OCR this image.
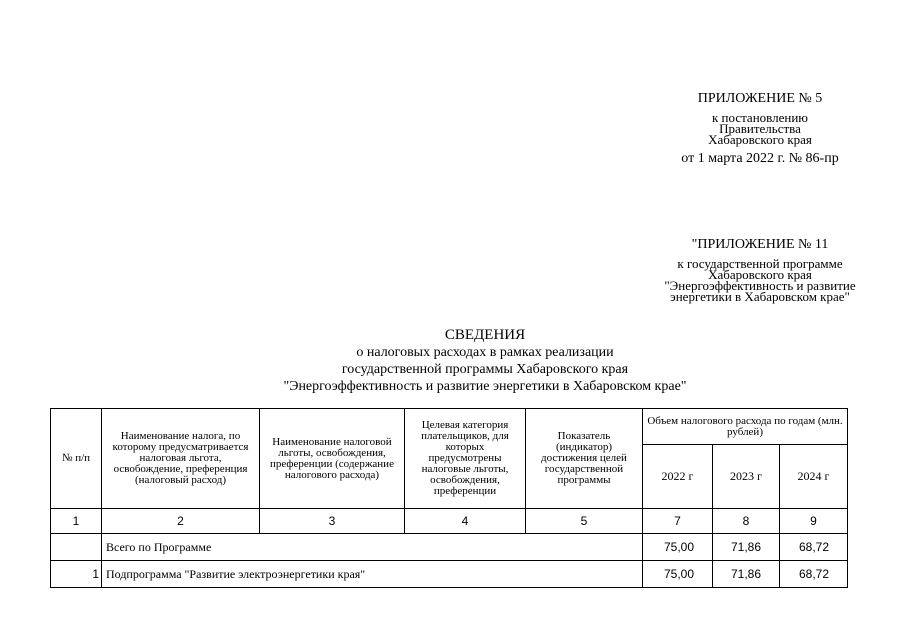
ПРИЛОЖЕНИЕ № 5
к постановлению
Правительства
Хабаровского края
от 1 марта 2022 г. № 86-пр
"ПРИЛОЖЕНИЕ № 11
к государственной программе
Хабаровского края
"Энергоэффективность и развитие
энергетики в Хабаровском крае"
СВЕДЕНИЯ
о налоговых расходах в рамках реализации
государственной программы Хабаровского края
"Энергоэффективность и развитие энергетики в Хабаровском крае"
№ п/п	Наименование налога, по которому предусматривается налоговая льгота, освобождение, преференция (налоговый расход)	Наименование налоговой льготы, освобождения, преференции (содержание налогового расхода)	Целевая категория плательщиков, для которых предусмотрены налоговые льготы, освобождения, преференции	Показатель (индикатор) достижения целей государственной программы	Объем налогового расхода по годам (млн. рублей)		
					2022 г	2023 г	2024 г
1	2	3	4	5	7	8	9
	Всего по Программе				75,00	71,86	68,72
1	Подпрограмма "Развитие электроэнергетики края"				75,00	71,86	68,72
